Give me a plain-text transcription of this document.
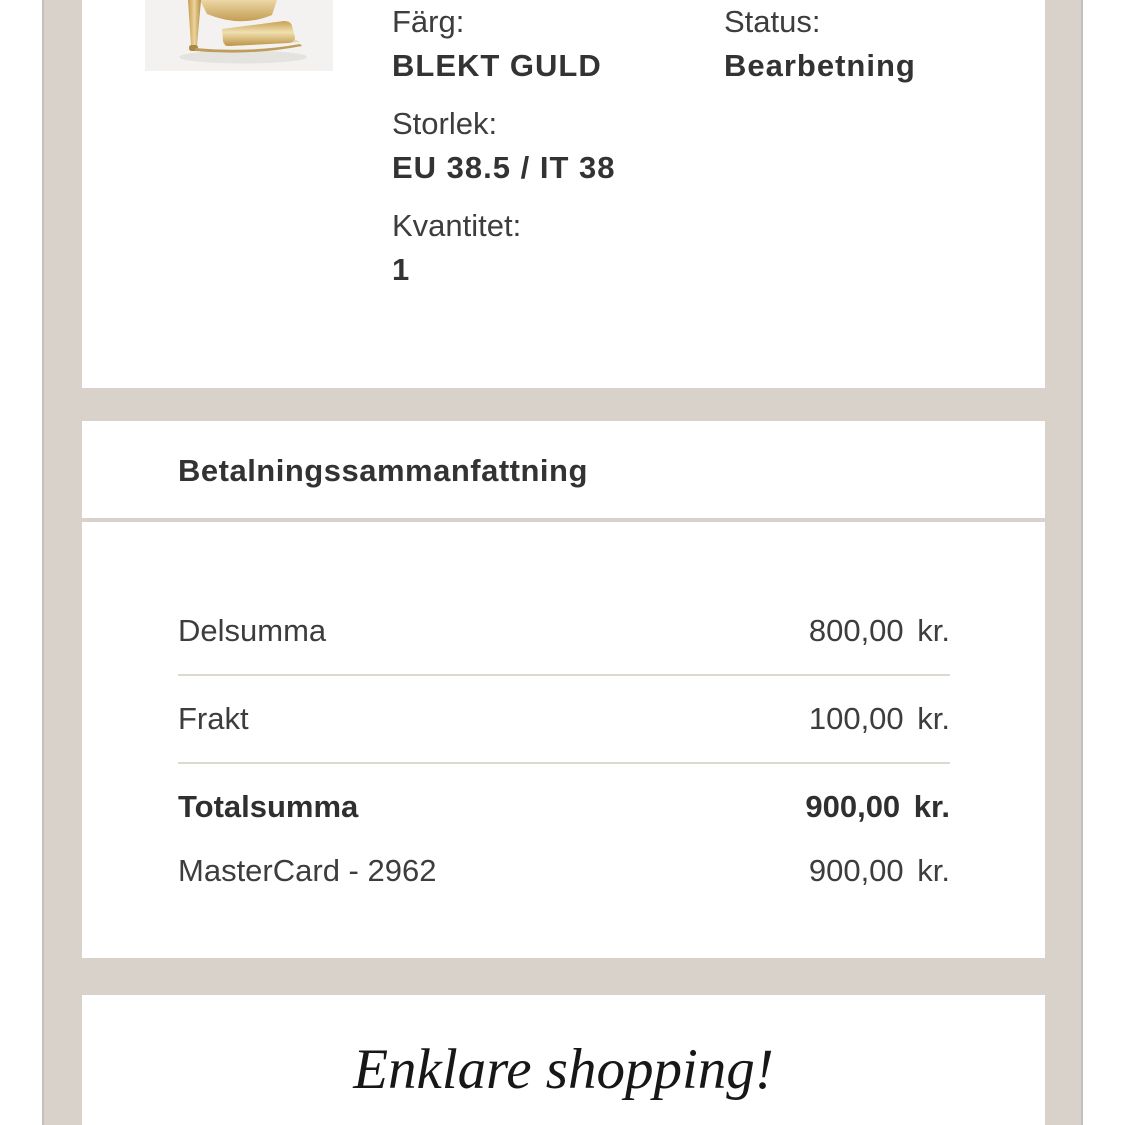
Färg:
BLEKT GULD
Storlek:
EU 38.5 / IT 38
Kvantitet:
1
Status:
Bearbetning
Betalningssammanfattning
Delsumma	800,00 kr.
Frakt	100,00 kr.
Totalsumma	900,00 kr.
MasterCard - 2962	900,00 kr.
Enklare shopping!
